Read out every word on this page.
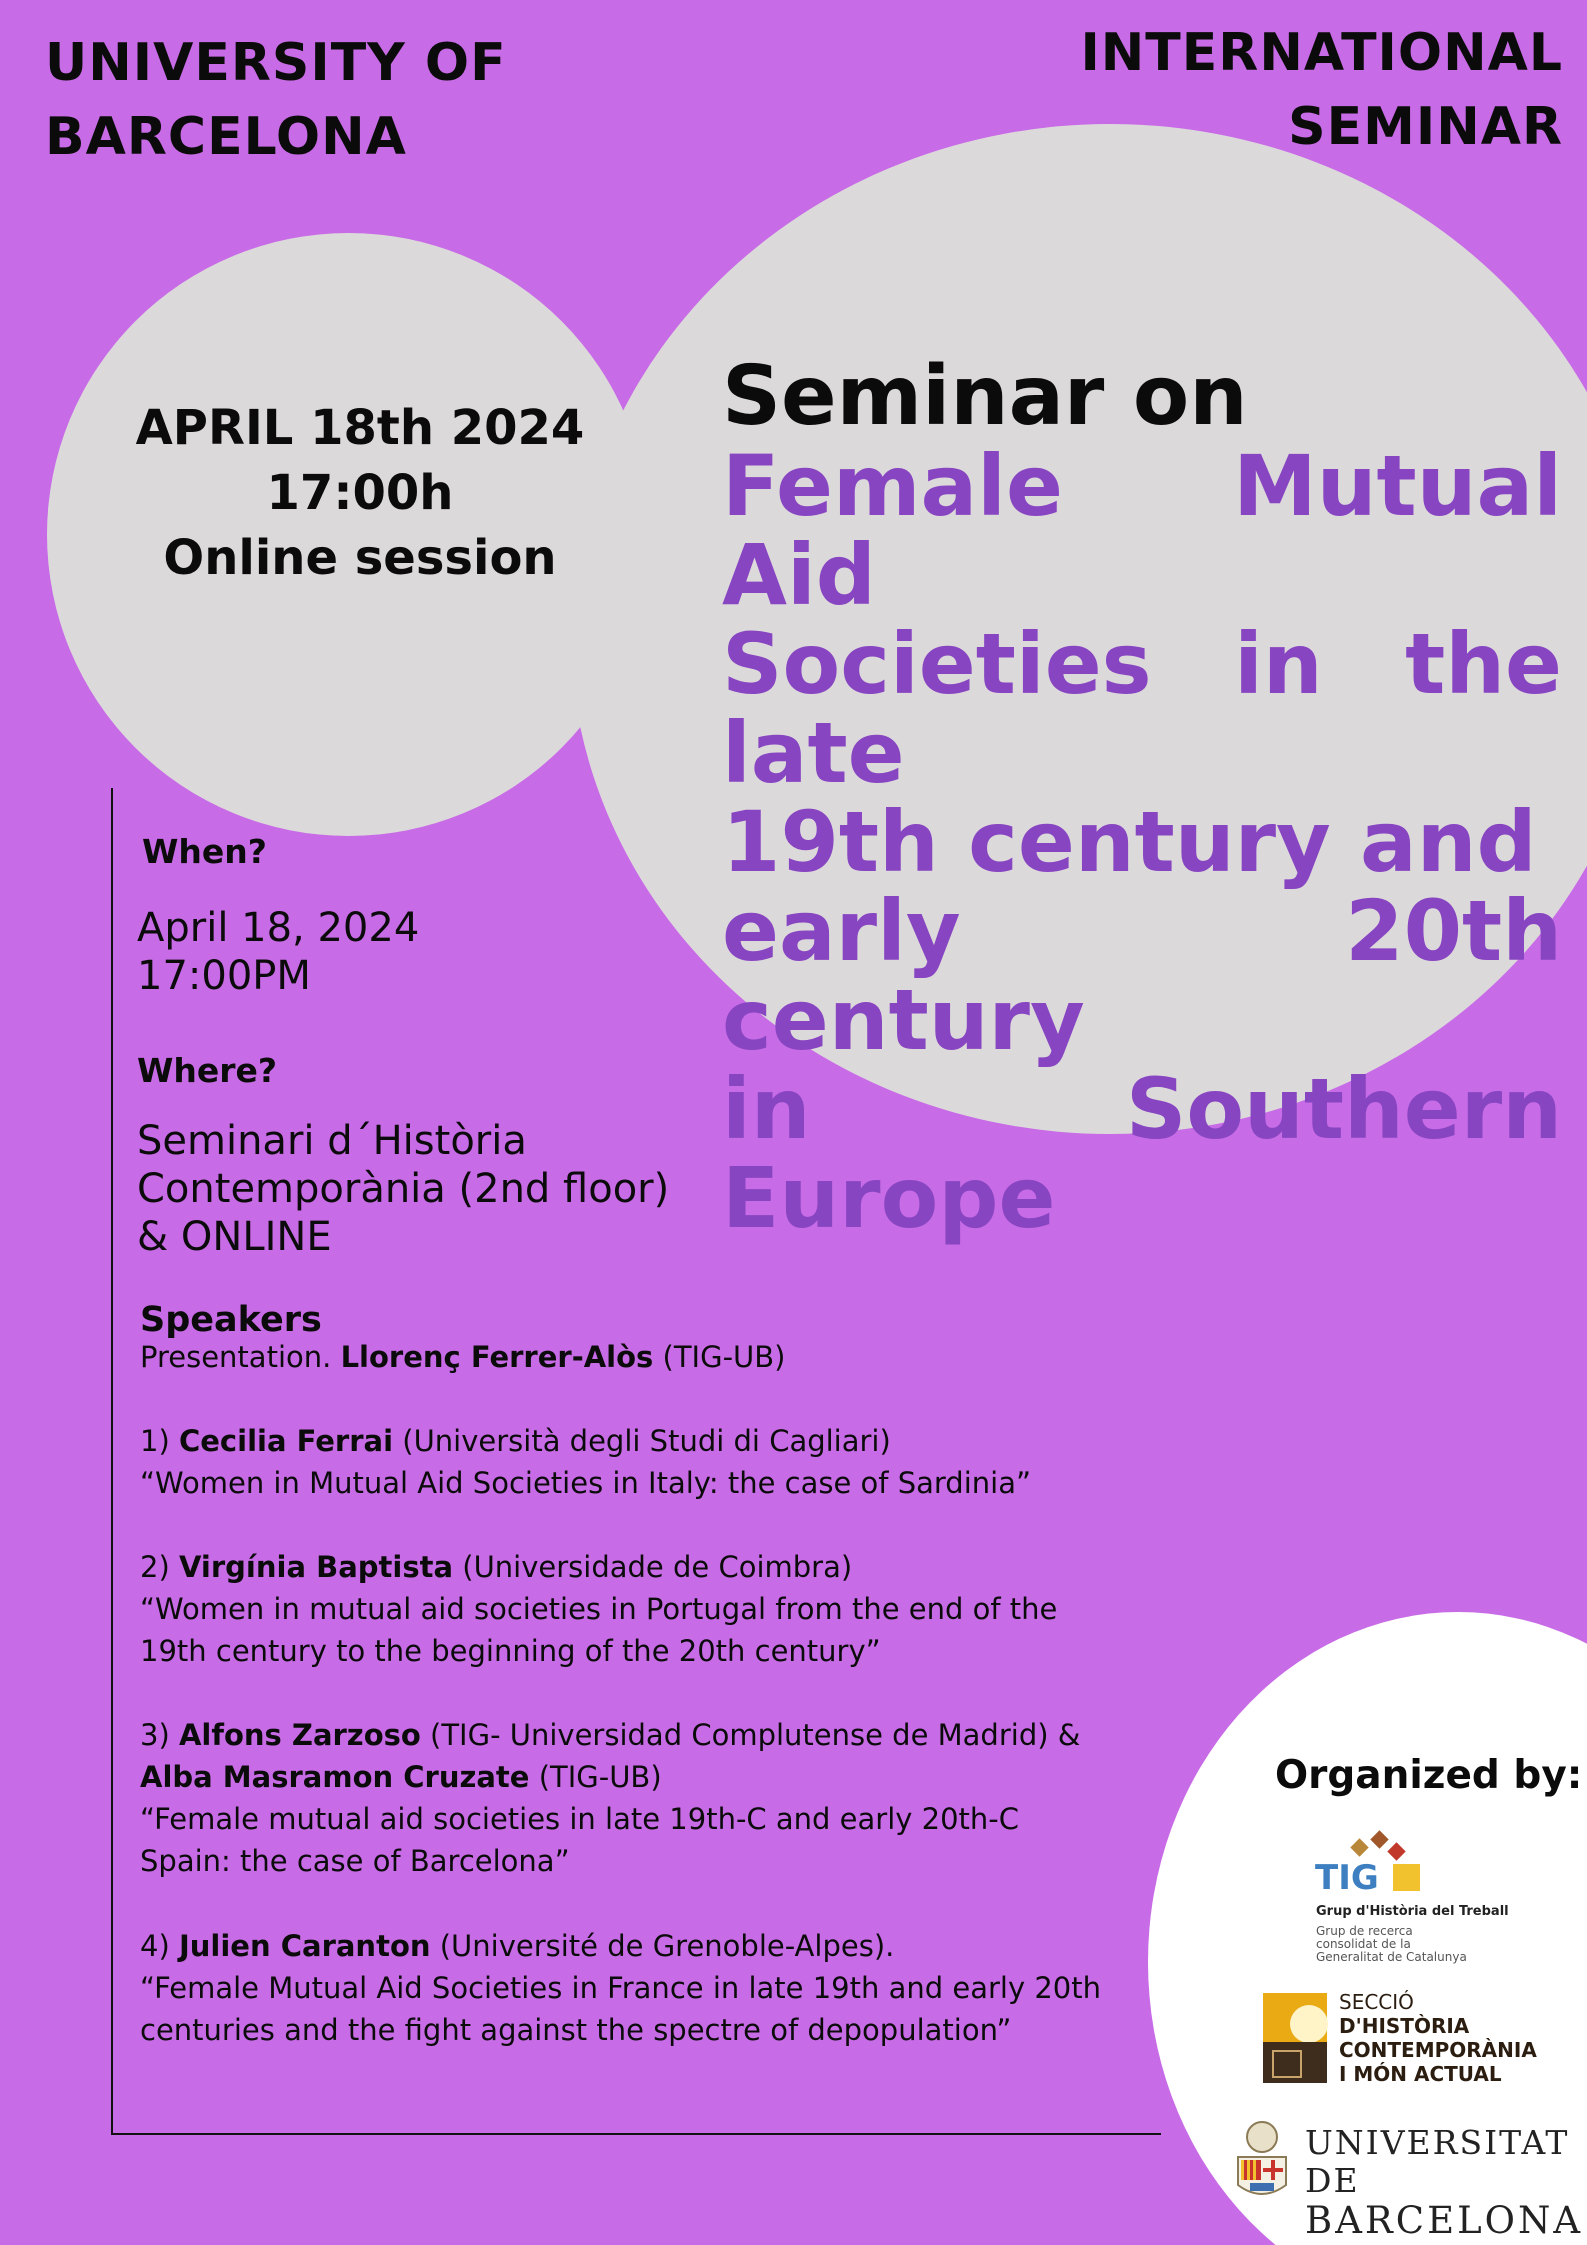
UNIVERSITY OF
BARCELONA
INTERNATIONAL
SEMINAR
APRIL 18th 2024
17:00h
Online session
Seminar on
Female Mutual Aid
Societies in the late
19th century and
early 20th century
in Southern Europe
When?
April 18, 2024
17:00PM
Where?
Seminari d´Història
Contemporània (2nd floor)
& ONLINE
Speakers
Presentation. Llorenç Ferrer-Alòs (TIG-UB)
1) Cecilia Ferrai (Università degli Studi di Cagliari)
“Women in Mutual Aid Societies in Italy: the case of Sardinia”
2) Virgínia Baptista (Universidade de Coimbra)
“Women in mutual aid societies in Portugal from the end of the
19th century to the beginning of the 20th century”
3) Alfons Zarzoso (TIG- Universidad Complutense de Madrid) &
Alba Masramon Cruzate (TIG-UB)
“Female mutual aid societies in late 19th-C and early 20th-C
Spain: the case of Barcelona”
4) Julien Caranton (Université de Grenoble-Alpes).
“Female Mutual Aid Societies in France in late 19th and early 20th
centuries and the fight against the spectre of depopulation”
Organized by:
TIG
Grup d'Història del Treball
Grup de recerca
consolidat de la
Generalitat de Catalunya
SECCIÓ
D'HISTÒRIA
CONTEMPORÀNIA
I MÓN ACTUAL
UNIVERSITAT DE
BARCELONA
